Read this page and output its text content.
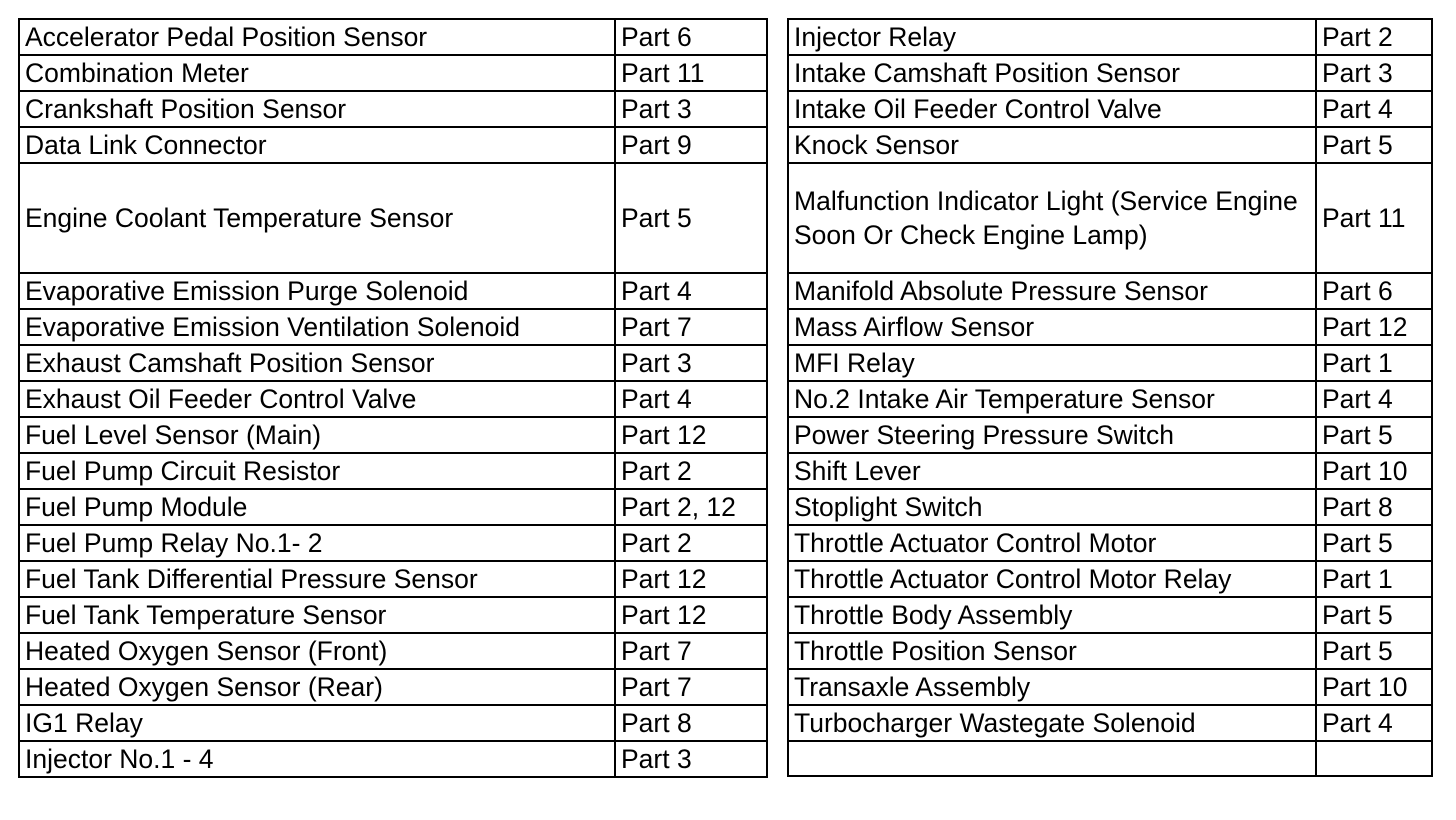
Accelerator Pedal Position Sensor	Part 6
Combination Meter	Part 11
Crankshaft Position Sensor	Part 3
Data Link Connector	Part 9
Engine Coolant Temperature Sensor	Part 5
Evaporative Emission Purge Solenoid	Part 4
Evaporative Emission Ventilation Solenoid	Part 7
Exhaust Camshaft Position Sensor	Part 3
Exhaust Oil Feeder Control Valve	Part 4
Fuel Level Sensor (Main)	Part 12
Fuel Pump Circuit Resistor	Part 2
Fuel Pump Module	Part 2, 12
Fuel Pump Relay No.1- 2	Part 2
Fuel Tank Differential Pressure Sensor	Part 12
Fuel Tank Temperature Sensor	Part 12
Heated Oxygen Sensor (Front)	Part 7
Heated Oxygen Sensor (Rear)	Part 7
IG1 Relay	Part 8
Injector No.1 - 4	Part 3
Injector Relay	Part 2
Intake Camshaft Position Sensor	Part 3
Intake Oil Feeder Control Valve	Part 4
Knock Sensor	Part 5
Malfunction Indicator Light (Service Engine Soon Or Check Engine Lamp)	Part 11
Manifold Absolute Pressure Sensor	Part 6
Mass Airflow Sensor	Part 12
MFI Relay	Part 1
No.2 Intake Air Temperature Sensor	Part 4
Power Steering Pressure Switch	Part 5
Shift Lever	Part 10
Stoplight Switch	Part 8
Throttle Actuator Control Motor	Part 5
Throttle Actuator Control Motor Relay	Part 1
Throttle Body Assembly	Part 5
Throttle Position Sensor	Part 5
Transaxle Assembly	Part 10
Turbocharger Wastegate Solenoid	Part 4
